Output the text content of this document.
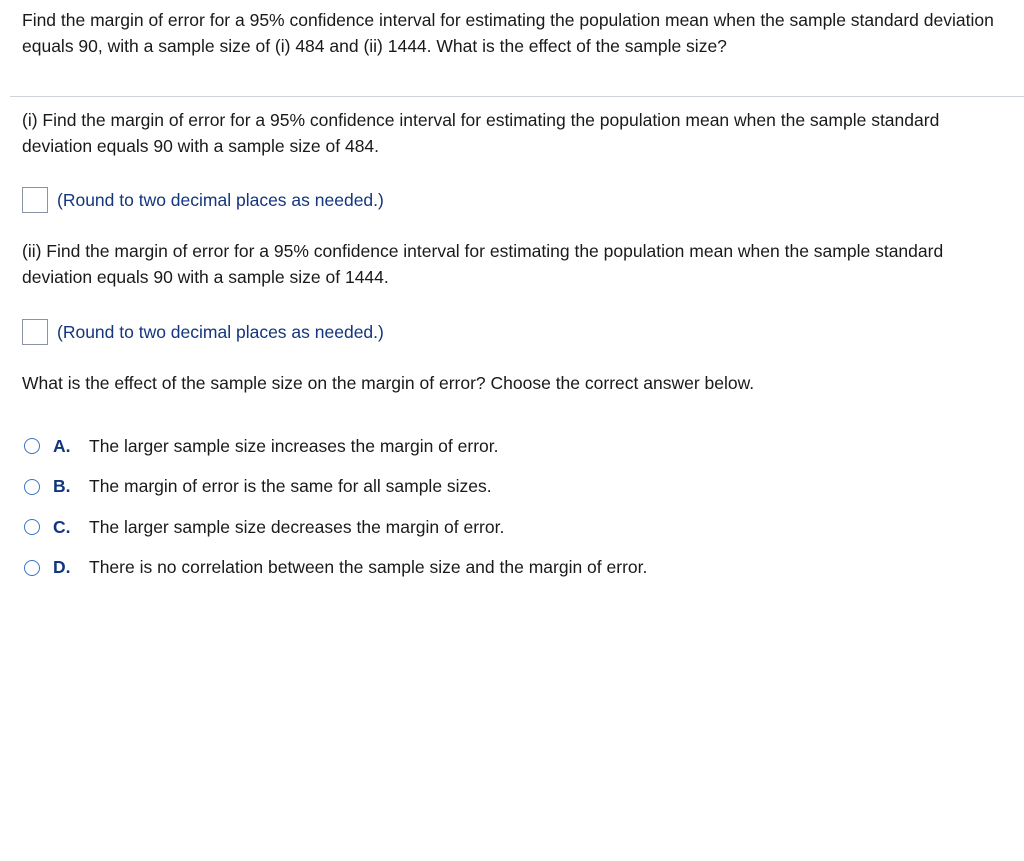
Find the margin of error for a 95% confidence interval for estimating the population mean when the sample standard deviation equals 90, with a sample size of (i) 484 and (ii) 1444. What is the effect of the sample size?
(i) Find the margin of error for a 95% confidence interval for estimating the population mean when the sample standard deviation equals 90 with a sample size of 484.
(Round to two decimal places as needed.)
(ii) Find the margin of error for a 95% confidence interval for estimating the population mean when the sample standard deviation equals 90 with a sample size of 1444.
(Round to two decimal places as needed.)
What is the effect of the sample size on the margin of error? Choose the correct answer below.
A.	The larger sample size increases the margin of error.
B.	The margin of error is the same for all sample sizes.
C.	The larger sample size decreases the margin of error.
D.	There is no correlation between the sample size and the margin of error.
